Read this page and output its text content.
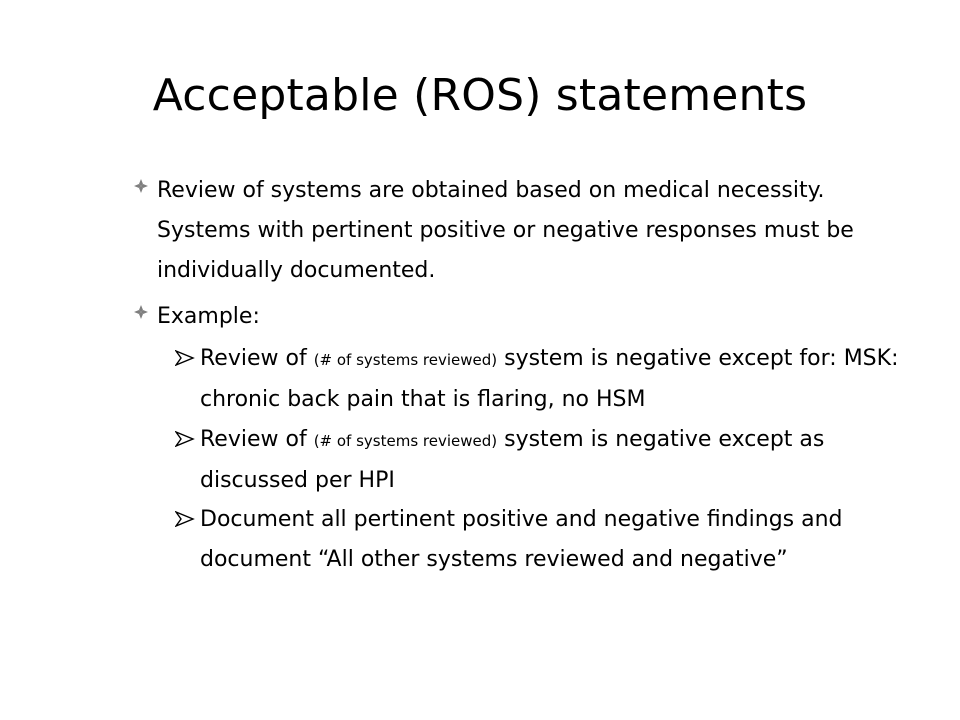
Acceptable (ROS) statements
Review of systems are obtained based on medical necessity. Systems with pertinent positive or negative responses must be individually documented.
Example:
Review of (# of systems reviewed) system is negative except for: MSK: chronic back pain that is flaring, no HSM
Review of (# of systems reviewed) system is negative except as discussed per HPI
Document all pertinent positive and negative findings and document “All other systems reviewed and negative”
